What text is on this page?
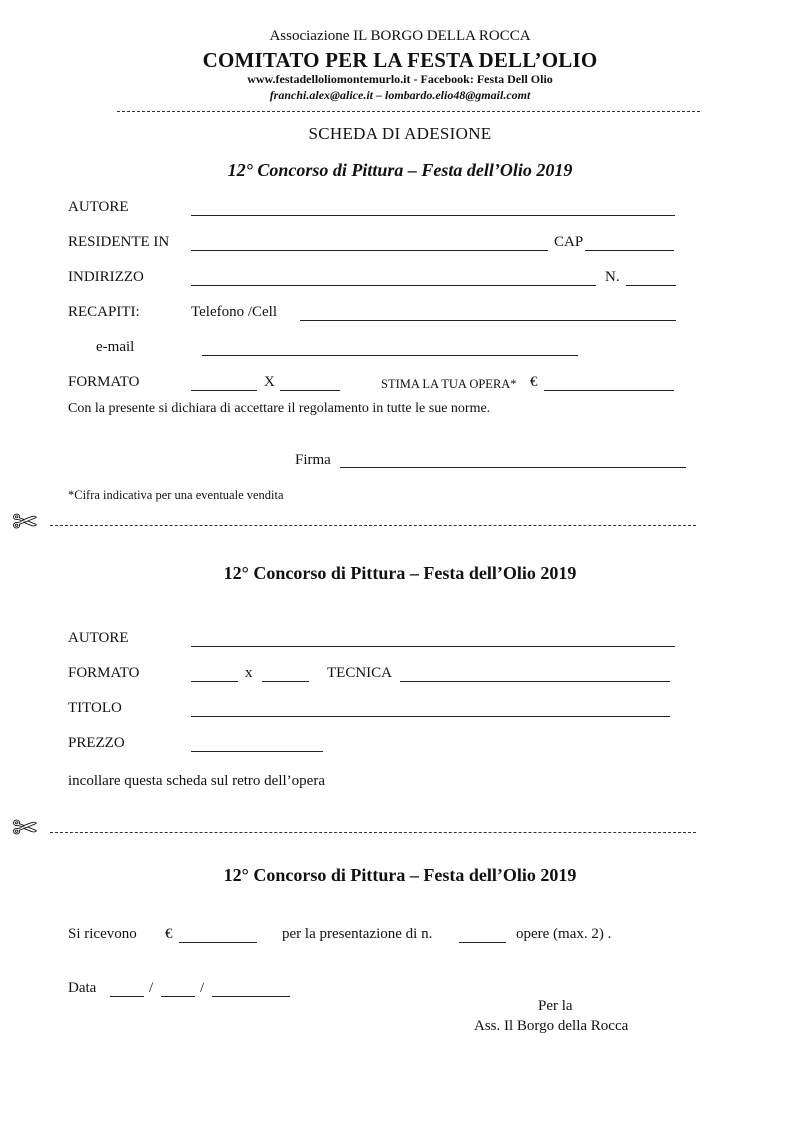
Associazione IL BORGO DELLA ROCCA
COMITATO PER LA FESTA DELL’OLIO
www.festadelloliomontemurlo.it - Facebook: Festa Dell Olio
franchi.alex@alice.it – lombardo.elio48@gmail.comt
SCHEDA DI ADESIONE
12° Concorso di Pittura – Festa dell’Olio 2019
AUTORE
RESIDENTE IN	CAP
INDIRIZZO	N.
RECAPITI:	Telefono /Cell
e-mail
FORMATO	X	STIMA LA TUA OPERA* €
Con la presente si dichiara di accettare il regolamento in tutte le sue norme.
Firma
*Cifra indicativa per una eventuale vendita
✄
12° Concorso di Pittura – Festa dell’Olio 2019
AUTORE
FORMATO	x	TECNICA
TITOLO
PREZZO
incollare questa scheda sul retro dell’opera
✄
12° Concorso di Pittura – Festa dell’Olio 2019
Si ricevono €	per la presentazione di n.	opere (max. 2) .
Data	/	/
Per la
Ass. Il Borgo della Rocca
